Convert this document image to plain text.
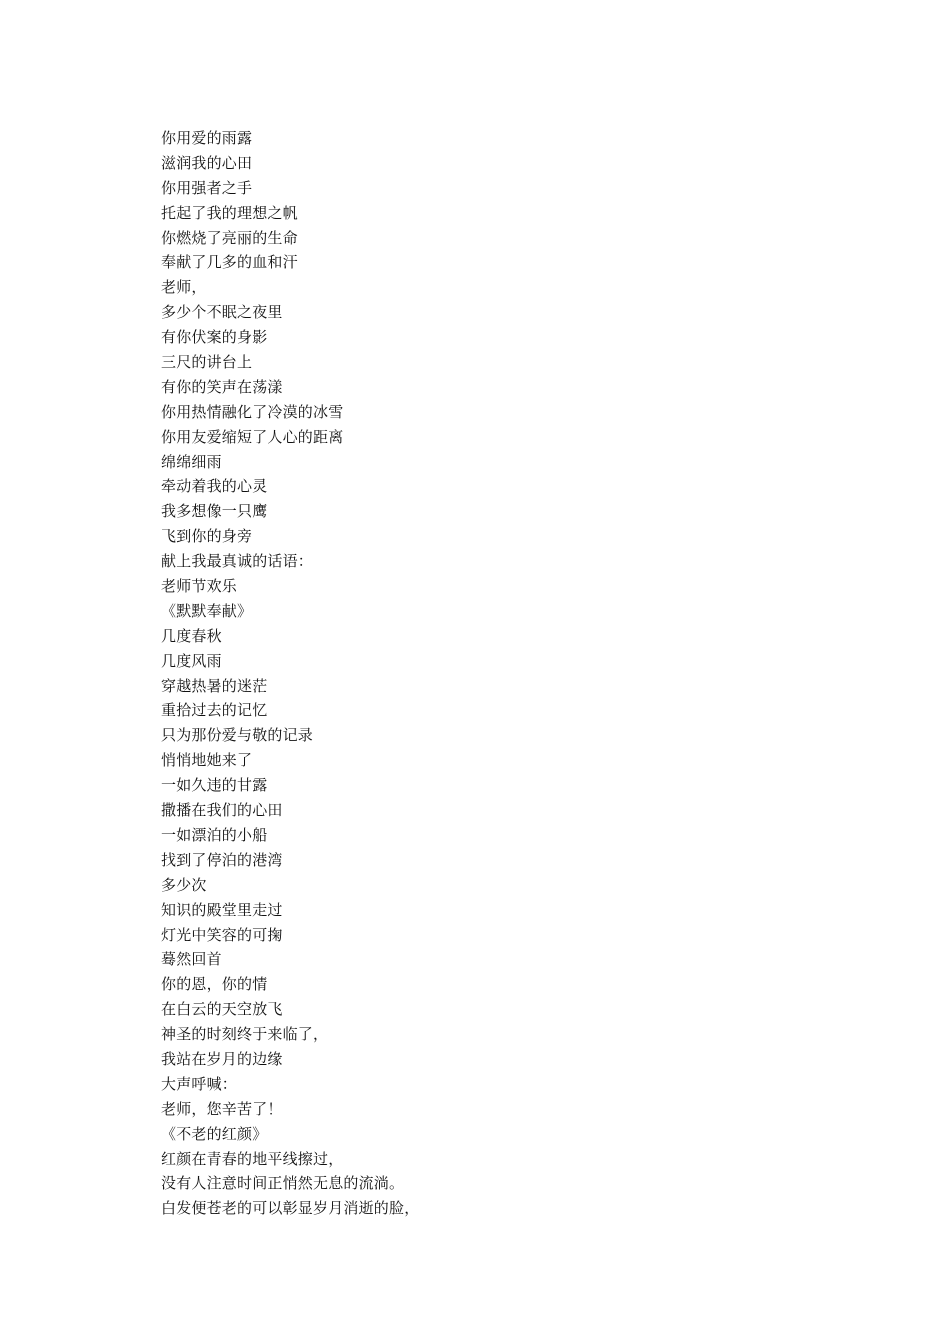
你用爱的雨露
滋润我的心田
你用强者之手
托起了我的理想之帆
你燃烧了亮丽的生命
奉献了几多的血和汗
老师，
多少个不眠之夜里
有你伏案的身影
三尺的讲台上
有你的笑声在荡漾
你用热情融化了冷漠的冰雪
你用友爱缩短了人心的距离
绵绵细雨
牵动着我的心灵
我多想像一只鹰
飞到你的身旁
献上我最真诚的话语：
老师节欢乐
《默默奉献》
几度春秋
几度风雨
穿越热暑的迷茫
重拾过去的记忆
只为那份爱与敬的记录
悄悄地她来了
一如久违的甘露
撒播在我们的心田
一如漂泊的小船
找到了停泊的港湾
多少次
知识的殿堂里走过
灯光中笑容的可掬
蓦然回首
你的恩，你的情
在白云的天空放飞
神圣的时刻终于来临了，
我站在岁月的边缘
大声呼喊：
老师，您辛苦了！
《不老的红颜》
红颜在青春的地平线擦过，
没有人注意时间正悄然无息的流淌。
白发便苍老的可以彰显岁月消逝的脸，
